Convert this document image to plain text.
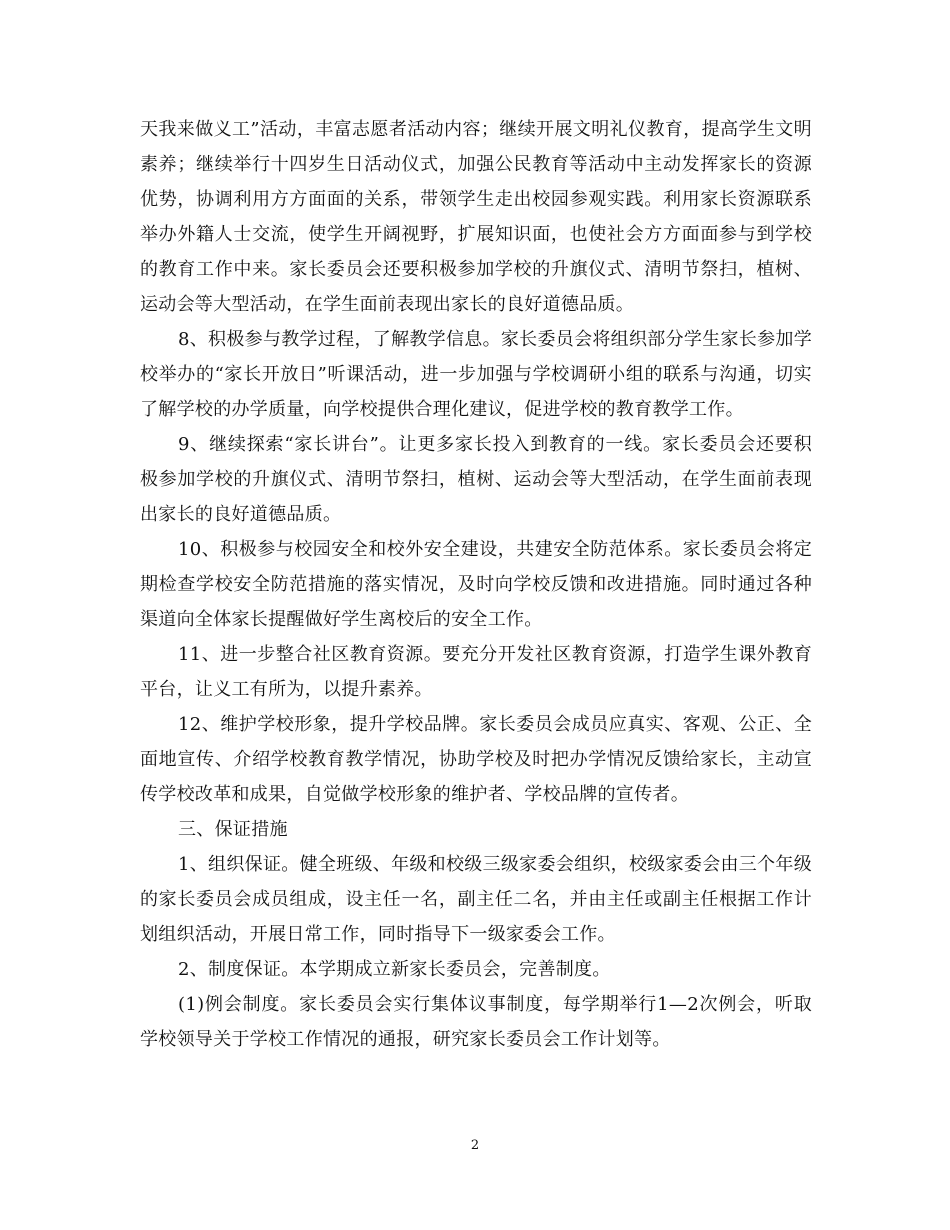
天我来做义工”活动，丰富志愿者活动内容；继续开展文明礼仪教育，提高学生文明素养；继续举行十四岁生日活动仪式，加强公民教育等活动中主动发挥家长的资源优势，协调利用方方面面的关系，带领学生走出校园参观实践。利用家长资源联系举办外籍人士交流，使学生开阔视野，扩展知识面，也使社会方方面面参与到学校的教育工作中来。家长委员会还要积极参加学校的升旗仪式、清明节祭扫，植树、运动会等大型活动，在学生面前表现出家长的良好道德品质。

8、积极参与教学过程，了解教学信息。家长委员会将组织部分学生家长参加学校举办的“家长开放日”听课活动，进一步加强与学校调研小组的联系与沟通，切实了解学校的办学质量，向学校提供合理化建议，促进学校的教育教学工作。

9、继续探索“家长讲台”。让更多家长投入到教育的一线。家长委员会还要积极参加学校的升旗仪式、清明节祭扫，植树、运动会等大型活动，在学生面前表现出家长的良好道德品质。

10、积极参与校园安全和校外安全建设，共建安全防范体系。家长委员会将定期检查学校安全防范措施的落实情况，及时向学校反馈和改进措施。同时通过各种渠道向全体家长提醒做好学生离校后的安全工作。

11、进一步整合社区教育资源。要充分开发社区教育资源，打造学生课外教育平台，让义工有所为，以提升素养。

12、维护学校形象，提升学校品牌。家长委员会成员应真实、客观、公正、全面地宣传、介绍学校教育教学情况，协助学校及时把办学情况反馈给家长，主动宣传学校改革和成果，自觉做学校形象的维护者、学校品牌的宣传者。

三、保证措施

1、组织保证。健全班级、年级和校级三级家委会组织，校级家委会由三个年级的家长委员会成员组成，设主任一名，副主任二名，并由主任或副主任根据工作计划组织活动，开展日常工作，同时指导下一级家委会工作。

2、制度保证。本学期成立新家长委员会，完善制度。

(1)例会制度。家长委员会实行集体议事制度，每学期举行1—2次例会，听取学校领导关于学校工作情况的通报，研究家长委员会工作计划等。

2
